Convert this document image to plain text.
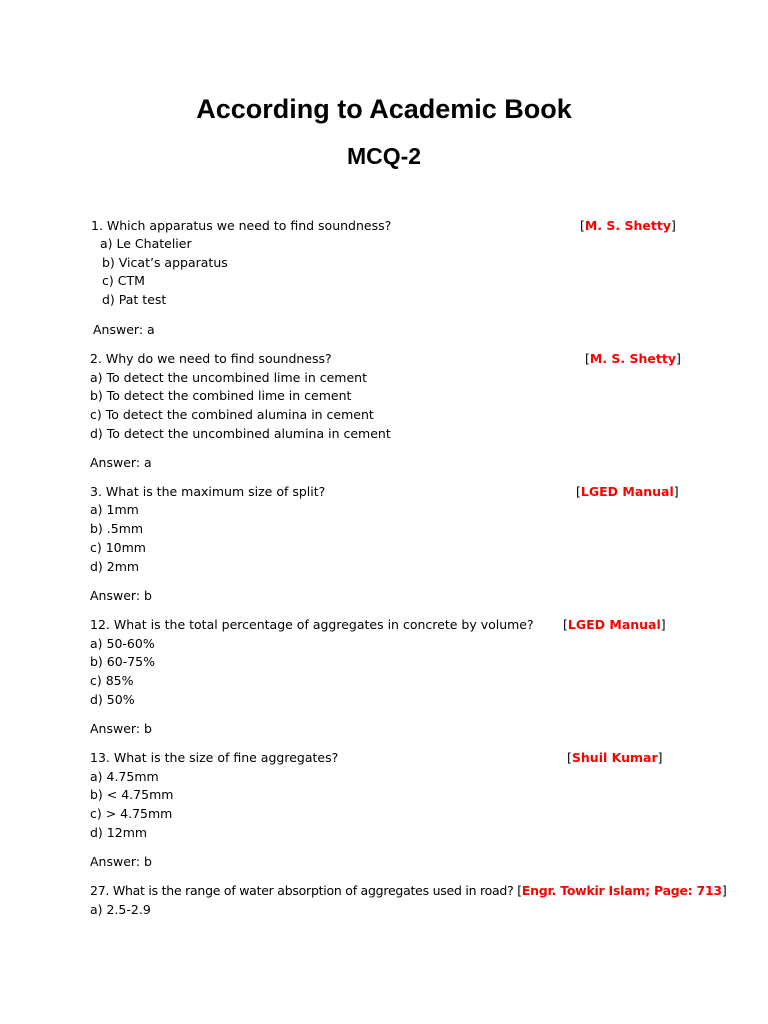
According to Academic Book
MCQ-2
1. Which apparatus we need to find soundness?	[M. S. Shetty]
a) Le Chatelier
b) Vicat’s apparatus
c) CTM
d) Pat test
Answer: a
2. Why do we need to find soundness?	[M. S. Shetty]
a) To detect the uncombined lime in cement
b) To detect the combined lime in cement
c) To detect the combined alumina in cement
d) To detect the uncombined alumina in cement
Answer: a
3. What is the maximum size of split?	[LGED Manual]
a) 1mm
b) .5mm
c) 10mm
d) 2mm
Answer: b
12. What is the total percentage of aggregates in concrete by volume? [LGED Manual]
a) 50-60%
b) 60-75%
c) 85%
d) 50%
Answer: b
13. What is the size of fine aggregates?	[Shuil Kumar]
a) 4.75mm
b) < 4.75mm
c) > 4.75mm
d) 12mm
Answer: b
27. What is the range of water absorption of aggregates used in road? [Engr. Towkir Islam; Page: 713]
a) 2.5-2.9
